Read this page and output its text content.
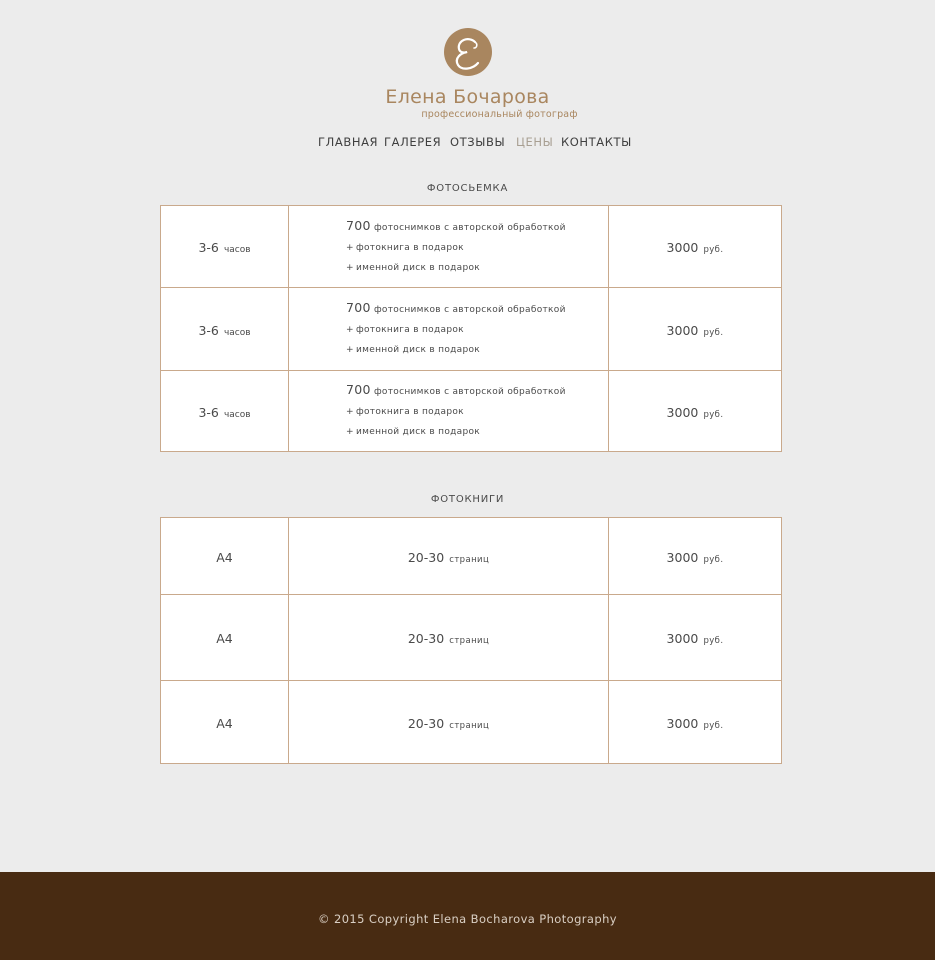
Елена Бочарова
профессиональный фотограф
ГЛАВНАЯ ГАЛЕРЕЯ ОТЗЫВЫ ЦЕНЫ КОНТАКТЫ
ФОТОСЬЕМКА
3-6 часов	700 фотоснимков с авторской обработкой
+ фотокнига в подарок
+ именной диск в подарок	3000 руб.
3-6 часов	700 фотоснимков с авторской обработкой
+ фотокнига в подарок
+ именной диск в подарок	3000 руб.
3-6 часов	700 фотоснимков с авторской обработкой
+ фотокнига в подарок
+ именной диск в подарок	3000 руб.
ФОТОКНИГИ
А4	20-30 страниц	3000 руб.
А4	20-30 страниц	3000 руб.
А4	20-30 страниц	3000 руб.
© 2015 Copyright Elena Bocharova Photography
